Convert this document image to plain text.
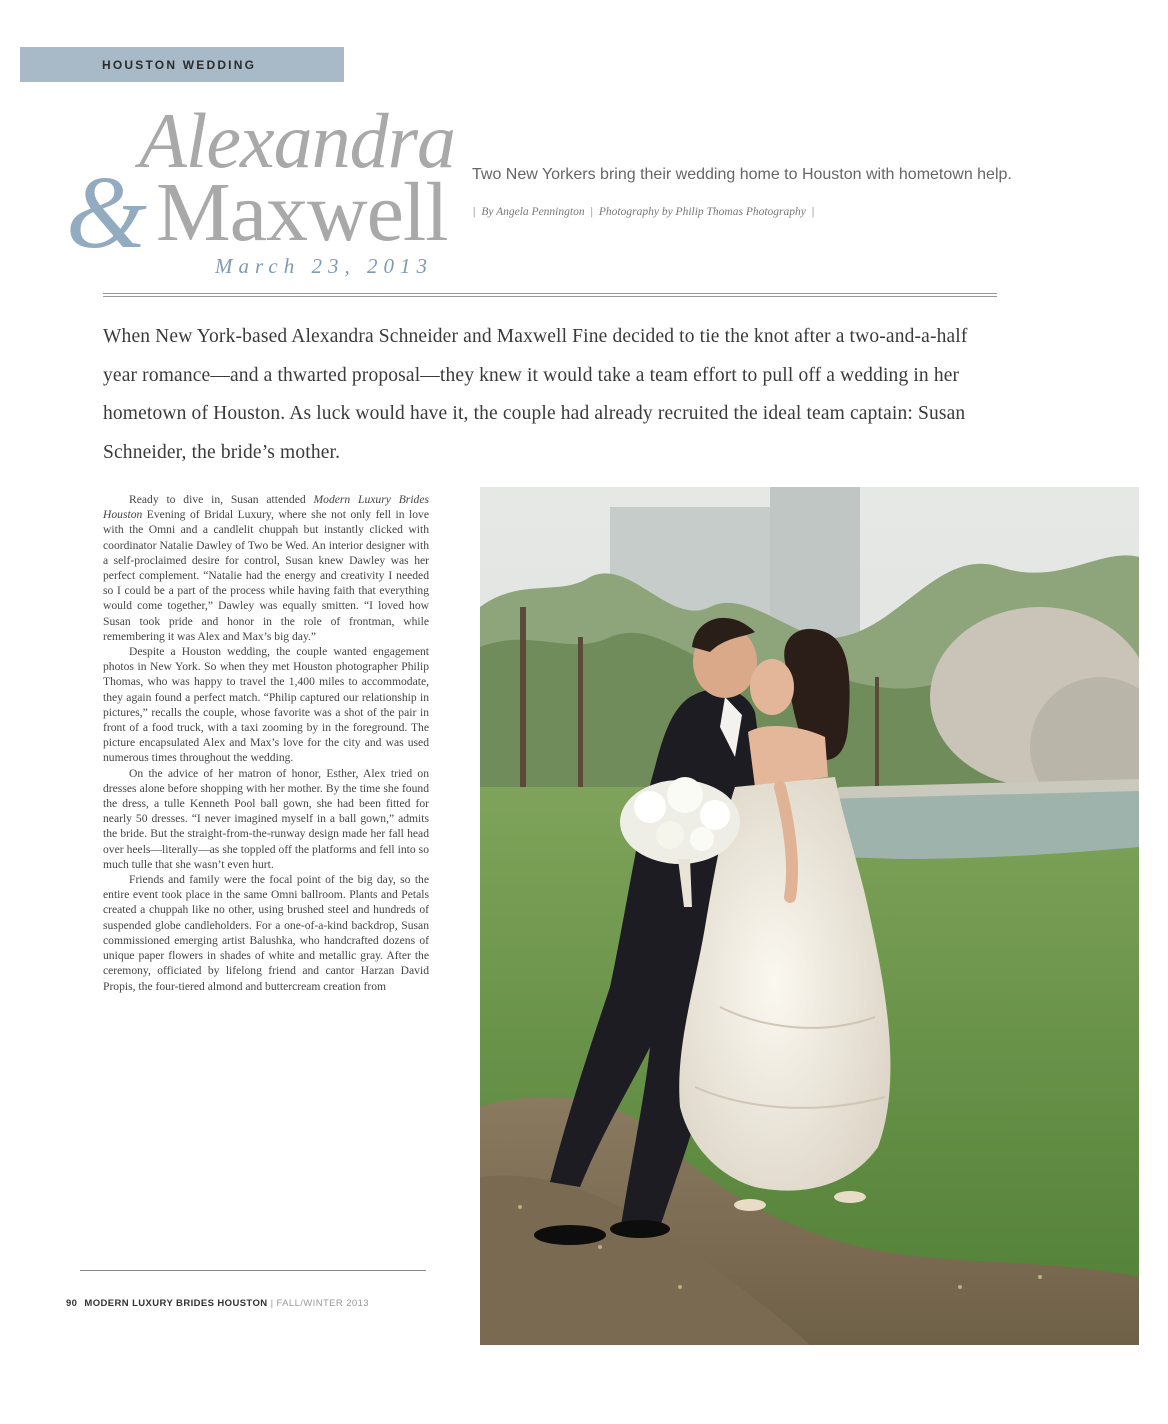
HOUSTON WEDDING
Alexandra
& Maxwell
March 23, 2013
Two New Yorkers bring their wedding home to Houston with hometown help.
| By Angela Pennington | Photography by Philip Thomas Photography |
When New York-based Alexandra Schneider and Maxwell Fine decided to tie the knot after a two-and-a-half year romance—and a thwarted proposal—they knew it would take a team effort to pull off a wedding in her hometown of Houston. As luck would have it, the couple had already recruited the ideal team captain: Susan Schneider, the bride’s mother.

Ready to dive in, Susan attended Modern Luxury Brides Houston Evening of Bridal Luxury, where she not only fell in love with the Omni and a candlelit chuppah but instantly clicked with coordinator Natalie Dawley of Two be Wed. An interior designer with a self-proclaimed desire for control, Susan knew Dawley was her perfect complement. “Natalie had the energy and creativity I needed so I could be a part of the process while having faith that everything would come together,” Dawley was equally smitten. “I loved how Susan took pride and honor in the role of frontman, while remembering it was Alex and Max’s big day.”

Despite a Houston wedding, the couple wanted engagement photos in New York. So when they met Houston photographer Philip Thomas, who was happy to travel the 1,400 miles to accommodate, they again found a perfect match. “Philip captured our relationship in pictures,” recalls the couple, whose favorite was a shot of the pair in front of a food truck, with a taxi zooming by in the foreground. The picture encapsulated Alex and Max’s love for the city and was used numerous times throughout the wedding.

On the advice of her matron of honor, Esther, Alex tried on dresses alone before shopping with her mother. By the time she found the dress, a tulle Kenneth Pool ball gown, she had been fitted for nearly 50 dresses. “I never imagined myself in a ball gown,” admits the bride. But the straight-from-the-runway design made her fall head over heels—literally—as she toppled off the platforms and fell into so much tulle that she wasn’t even hurt.

Friends and family were the focal point of the big day, so the entire event took place in the same Omni ballroom. Plants and Petals created a chuppah like no other, using brushed steel and hundreds of suspended globe candleholders. For a one-of-a-kind backdrop, Susan commissioned emerging artist Balushka, who handcrafted dozens of unique paper flowers in shades of white and metallic gray. After the ceremony, officiated by lifelong friend and cantor Harzan David Propis, the four-tiered almond and buttercream creation from

90 MODERN LUXURY BRIDES HOUSTON | FALL/WINTER 2013
